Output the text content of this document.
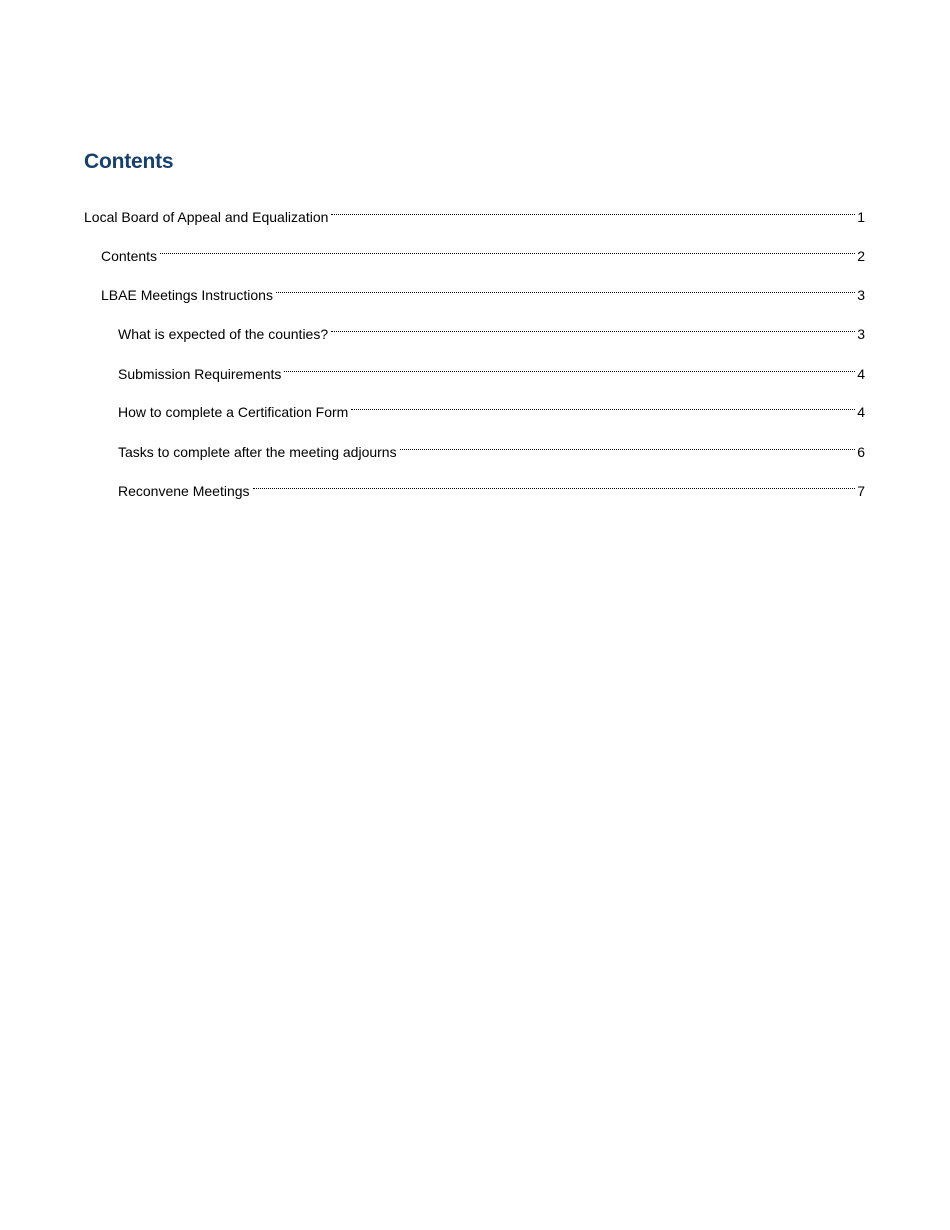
Contents
Local Board of Appeal and Equalization	1
Contents	2
LBAE Meetings Instructions	3
What is expected of the counties?	3
Submission Requirements	4
How to complete a Certification Form	4
Tasks to complete after the meeting adjourns	6
Reconvene Meetings	7
